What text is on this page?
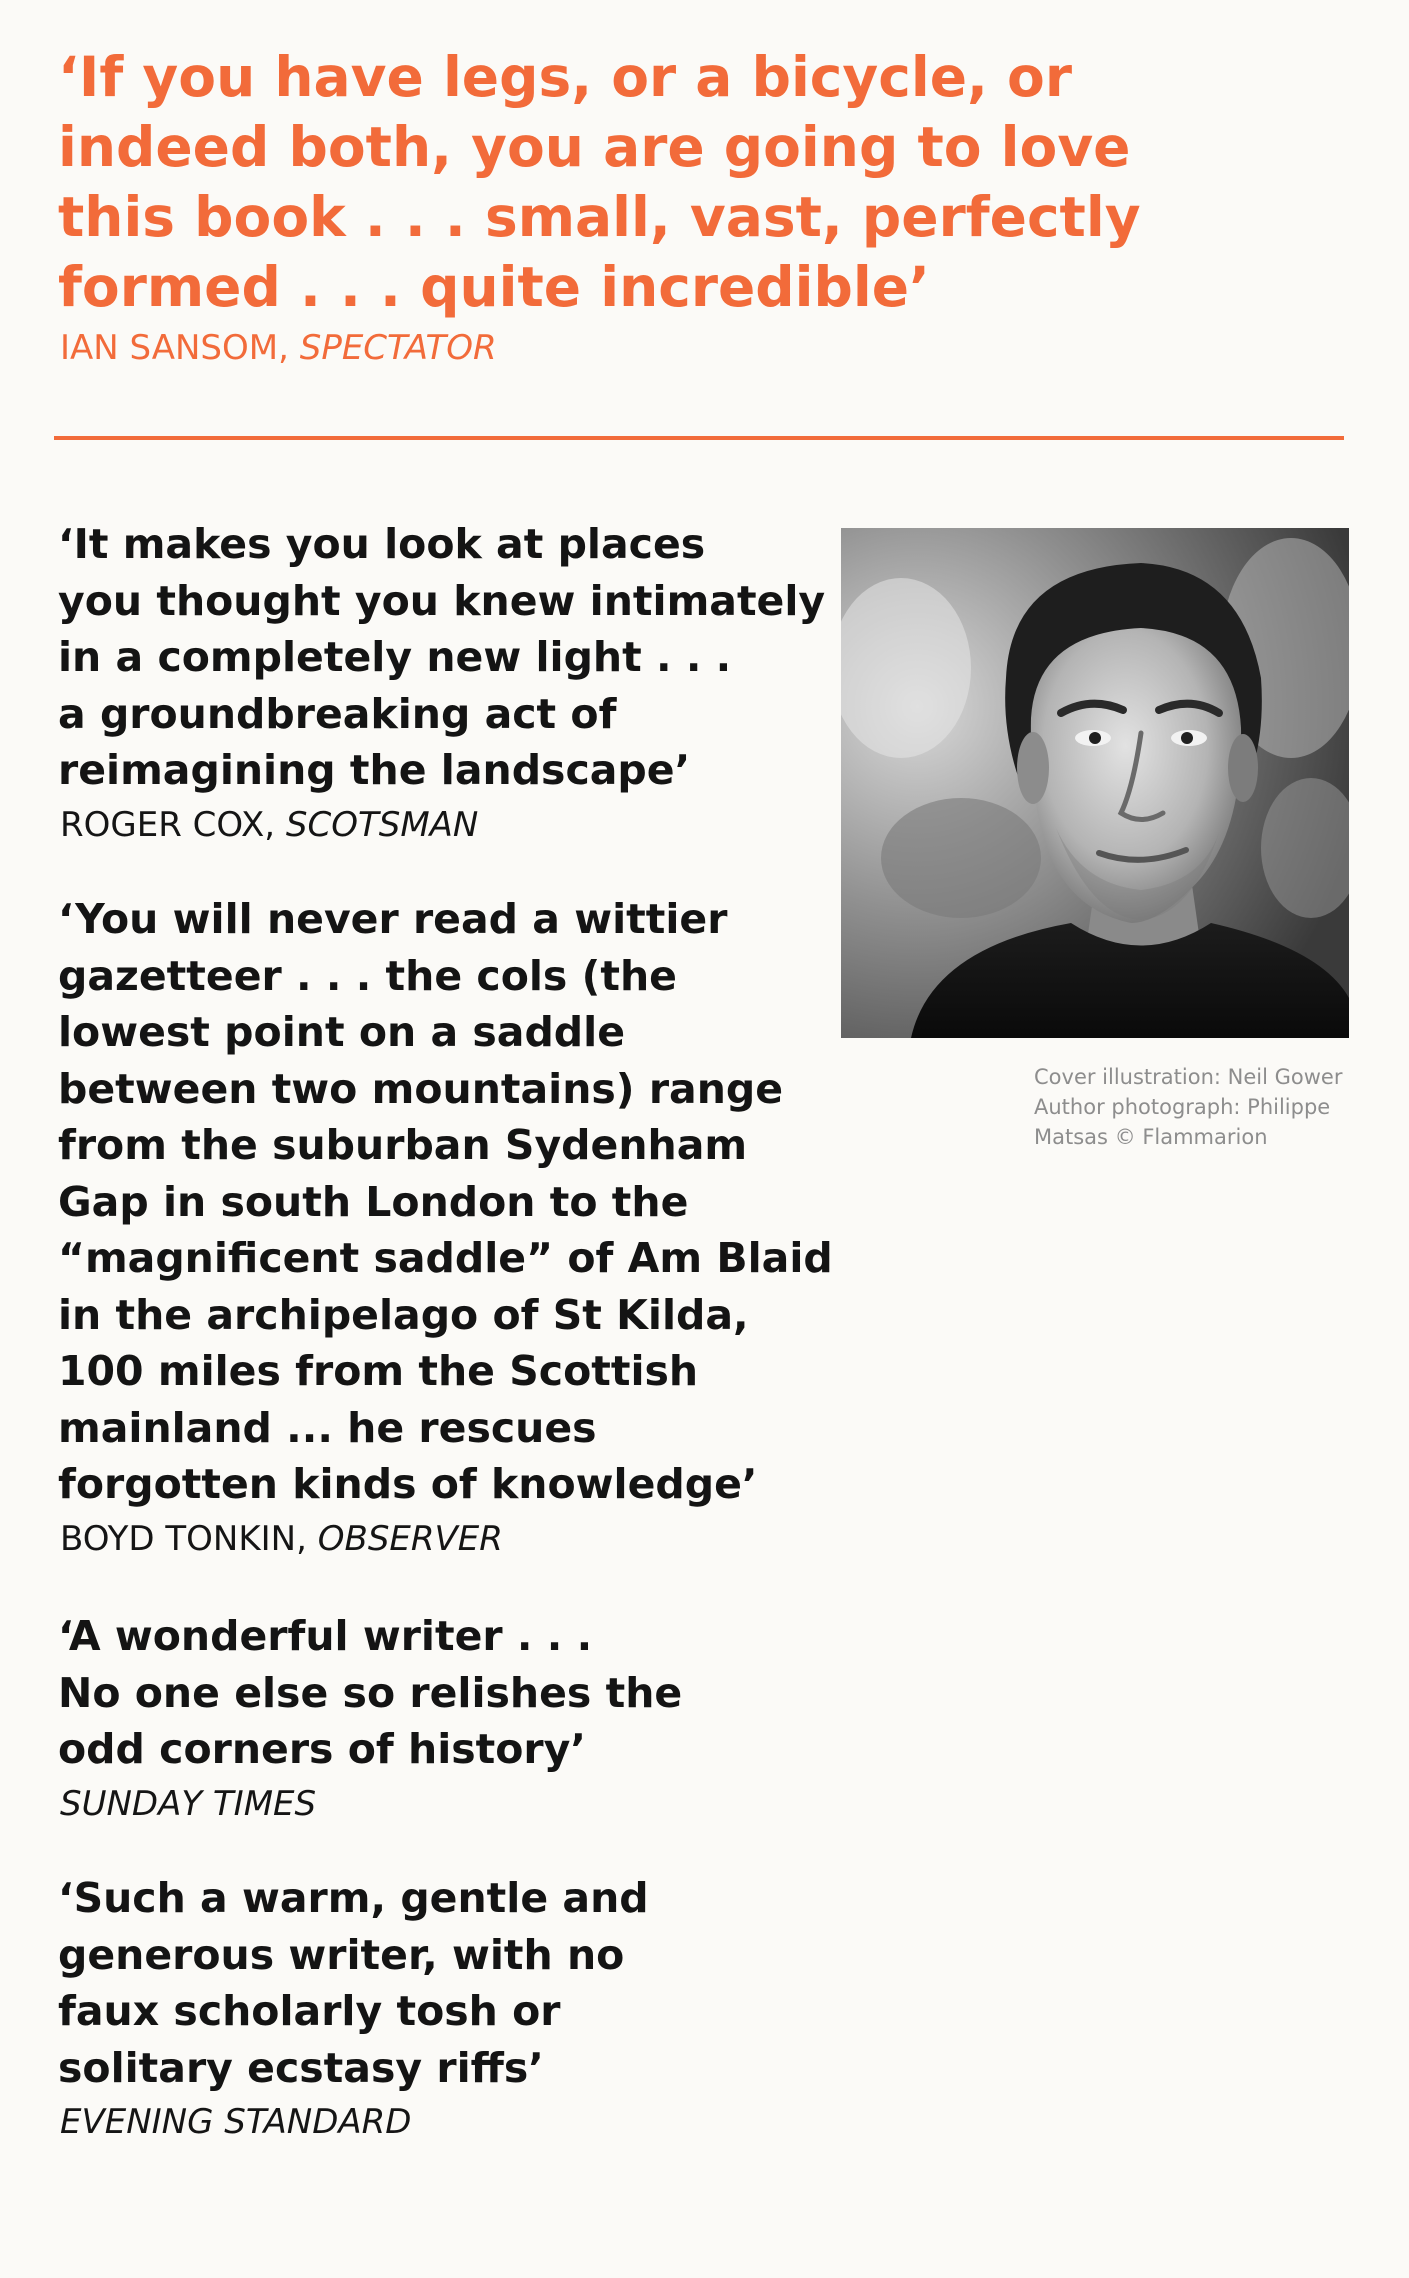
‘If you have legs, or a bicycle, or
indeed both, you are going to love
this book . . . small, vast, perfectly
formed . . . quite incredible’

IAN SANSOM, SPECTATOR

Cover illustration: Neil Gower
Author photograph: Philippe
Matsas © Flammarion

‘It makes you look at places
you thought you knew intimately
in a completely new light . . .
a groundbreaking act of
reimagining the landscape’

ROGER COX, SCOTSMAN

‘You will never read a wittier
gazetteer . . . the cols (the
lowest point on a saddle
between two mountains) range
from the suburban Sydenham
Gap in south London to the
“magnificent saddle” of Am Blaid
in the archipelago of St Kilda,
100 miles from the Scottish
mainland ... he rescues
forgotten kinds of knowledge’

BOYD TONKIN, OBSERVER

‘A wonderful writer . . .
No one else so relishes the
odd corners of history’

SUNDAY TIMES

‘Such a warm, gentle and
generous writer, with no
faux scholarly tosh or
solitary ecstasy riffs’

EVENING STANDARD
